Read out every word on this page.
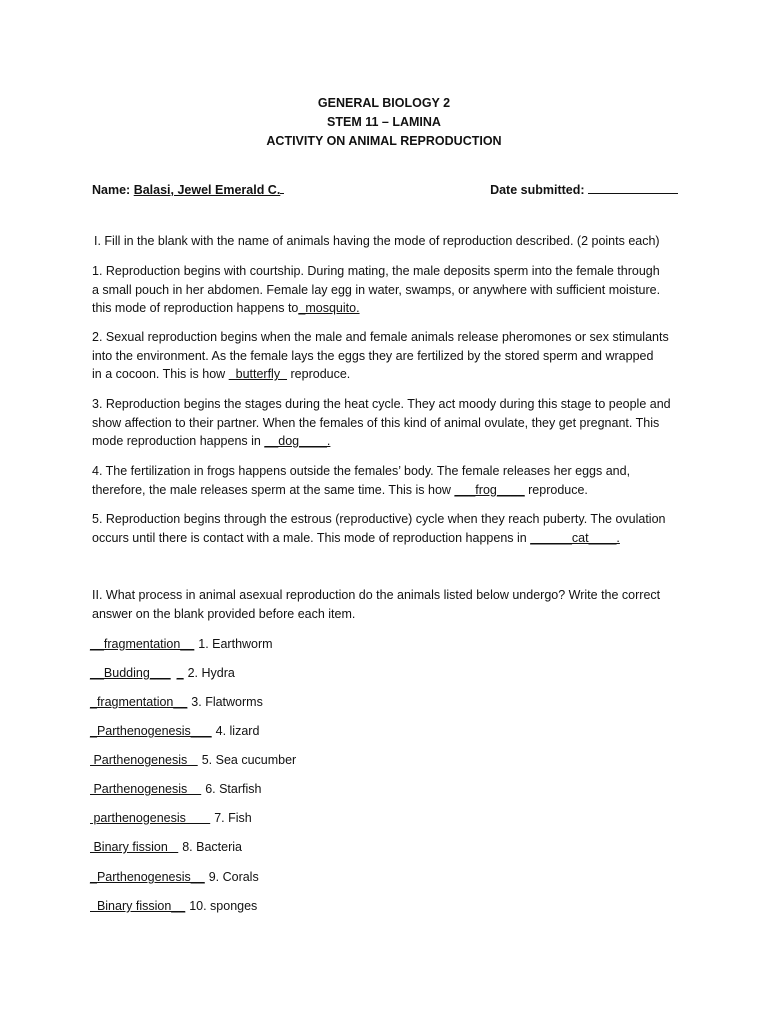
GENERAL BIOLOGY 2
STEM 11 – LAMINA
ACTIVITY ON ANIMAL REPRODUCTION
Name: Balasi, Jewel Emerald C.	Date submitted:
I. Fill in the blank with the name of animals having the mode of reproduction described. (2 points each)
1. Reproduction begins with courtship. During mating, the male deposits sperm into the female through
a small pouch in her abdomen. Female lay egg in water, swamps, or anywhere with sufficient moisture.
this mode of reproduction happens to_mosquito.
2. Sexual reproduction begins when the male and female animals release pheromones or sex stimulants
into the environment. As the female lays the eggs they are fertilized by the stored sperm and wrapped
in a cocoon. This is how   butterfly   reproduce.
3. Reproduction begins the stages during the heat cycle. They act moody during this stage to people and
show affection to their partner. When the females of this kind of animal ovulate, they get pregnant. This
mode reproduction happens in __dog____.
4. The fertilization in frogs happens outside the females’ body. The female releases her eggs and,
therefore, the male releases sperm at the same time. This is how ___frog____ reproduce.
5. Reproduction begins through the estrous (reproductive) cycle when they reach puberty. The ovulation
occurs until there is contact with a male. This mode of reproduction happens in ______cat____.
II. What process in animal asexual reproduction do the animals listed below undergo? Write the correct
answer on the blank provided before each item.
__fragmentation__ 1. Earthworm
__Budding___ _ 2. Hydra
_fragmentation__ 3. Flatworms
_Parthenogenesis___ 4. lizard
Parthenogenesis   5. Sea cucumber
Parthenogenesis    6. Starfish
parthenogenesis       7. Fish
Binary fission   8. Bacteria
_Parthenogenesis__ 9. Corals
Binary fission__ 10. sponges
